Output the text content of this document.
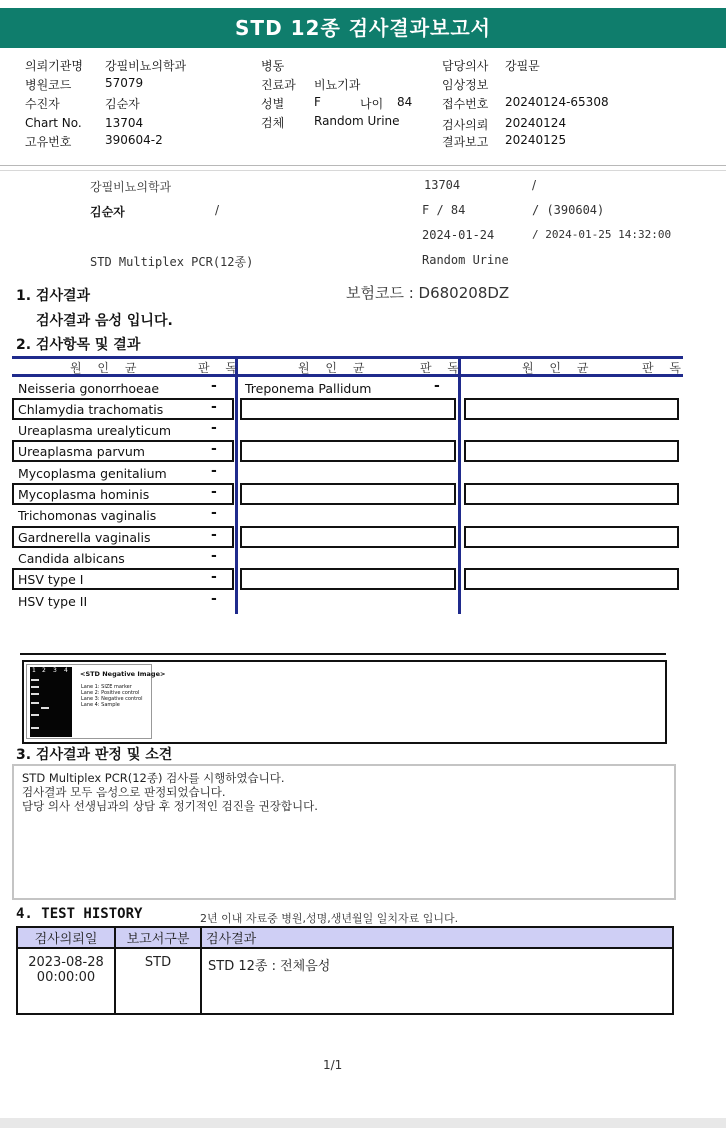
STD 12종 검사결과보고서
의뢰기관명 강필비뇨의학과
병원코드	57079
수진자	김순자
Chart No. 13704
고유번호	390604-2
병동
진료과 비뇨기과
성별 F	나이 84
검체 Random Urine
담당의사 강필문
임상정보
접수번호 20240124-65308
검사의뢰 20240124
결과보고 20240125
강필비뇨의학과	13704	/
김순자	/	F / 84	/ (390604)
2024-01-24	/ 2024-01-25 14:32:00
STD Multiplex PCR(12종)	Random Urine
1. 검사결과
검사결과 음성 입니다.
보험코드 : D680208DZ
2. 검사항목 및 결과
원 인 균	판 독	원 인 균	판 독	원 인 균	판 독
Neisseria gonorrhoeae	-
Chlamydia trachomatis	-
Ureaplasma urealyticum	-
Ureaplasma parvum	-
Mycoplasma genitalium	-
Mycoplasma hominis	-
Trichomonas vaginalis	-
Gardnerella vaginalis	-
Candida albicans	-
HSV type I	-
HSV type II	-
Treponema Pallidum	-
1 2 3 4 <STD Negative Image>
Lane 1: SIZE marker
Lane 2: Positive control
Lane 3: Negative control
Lane 4: Sample
3. 검사결과 판정 및 소견
STD Multiplex PCR(12종) 검사를 시행하였습니다.
검사결과 모두 음성으로 판정되었습니다.
담당 의사 선생님과의 상담 후 정기적인 검진을 권장합니다.
4. TEST HISTORY	2년 이내 자료중 병원,성명,생년월일 일치자료 입니다.
검사의뢰일	보고서구분	검사결과

2023-08-28
00:00:00	STD	STD 12종 : 전체음성
1/1
